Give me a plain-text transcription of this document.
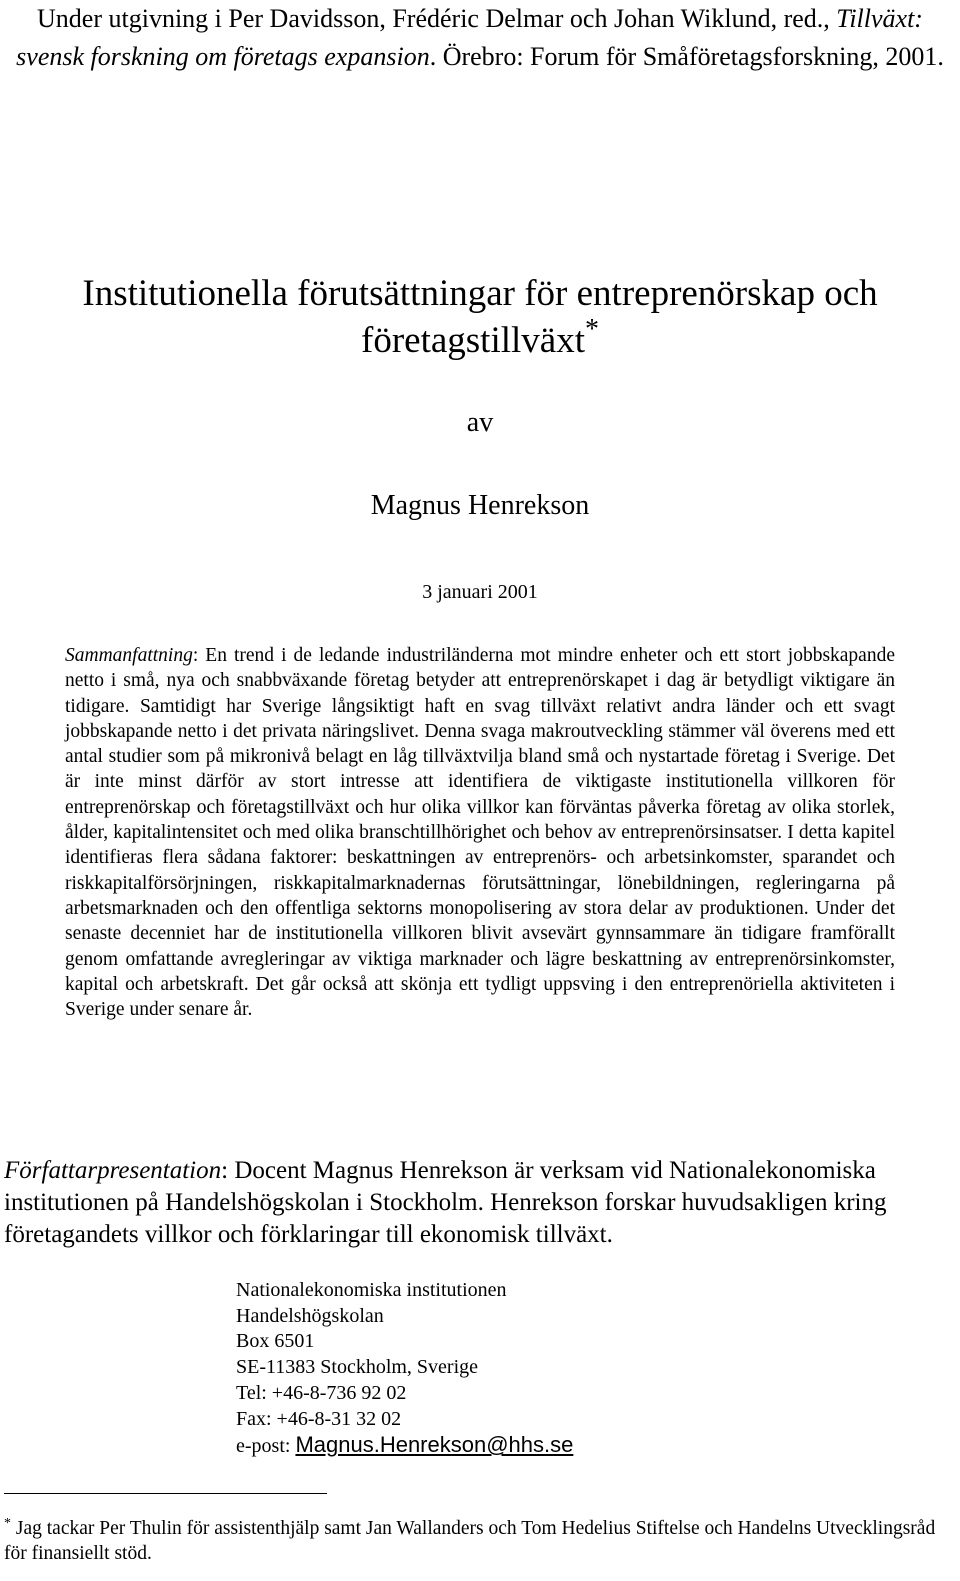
Under utgivning i Per Davidsson, Frédéric Delmar och Johan Wiklund, red., Tillväxt: svensk forskning om företags expansion. Örebro: Forum för Småföretagsforskning, 2001.
Institutionella förutsättningar för entreprenörskap och
företagstillväxt*
av
Magnus Henrekson
3 januari 2001

Sammanfattning: En trend i de ledande industriländerna mot mindre enheter och ett stort jobbskapande netto i små, nya och snabbväxande företag betyder att entreprenörskapet i dag är betydligt viktigare än tidigare. Samtidigt har Sverige långsiktigt haft en svag tillväxt relativt andra länder och ett svagt jobbskapande netto i det privata näringslivet. Denna svaga makroutveckling stämmer väl överens med ett antal studier som på mikronivå belagt en låg tillväxtvilja bland små och nystartade företag i Sverige. Det är inte minst därför av stort intresse att identifiera de viktigaste institutionella villkoren för entreprenörskap och företagstillväxt och hur olika villkor kan förväntas påverka företag av olika storlek, ålder, kapitalintensitet och med olika branschtillhörighet och behov av entreprenörsinsatser. I detta kapitel identifieras flera sådana faktorer: beskattningen av entreprenörs- och arbetsinkomster, sparandet och riskkapitalförsörjningen, riskkapitalmarknadernas förutsättningar, lönebildningen, regleringarna på arbetsmarknaden och den offentliga sektorns monopolisering av stora delar av produktionen. Under det senaste decenniet har de institutionella villkoren blivit avsevärt gynnsammare än tidigare framförallt genom omfattande avregleringar av viktiga marknader och lägre beskattning av entreprenörsinkomster, kapital och arbetskraft. Det går också att skönja ett tydligt uppsving i den entreprenöriella aktiviteten i Sverige under senare år.

Författarpresentation: Docent Magnus Henrekson är verksam vid Nationalekonomiska institutionen på Handelshögskolan i Stockholm. Henrekson forskar huvudsakligen kring företagandets villkor och förklaringar till ekonomisk tillväxt.

Nationalekonomiska institutionen
Handelshögskolan
Box 6501
SE-11383 Stockholm, Sverige
Tel: +46-8-736 92 02
Fax: +46-8-31 32 02
e-post: Magnus.Henrekson@hhs.se

* Jag tackar Per Thulin för assistenthjälp samt Jan Wallanders och Tom Hedelius Stiftelse och Handelns Utvecklingsråd för finansiellt stöd.
